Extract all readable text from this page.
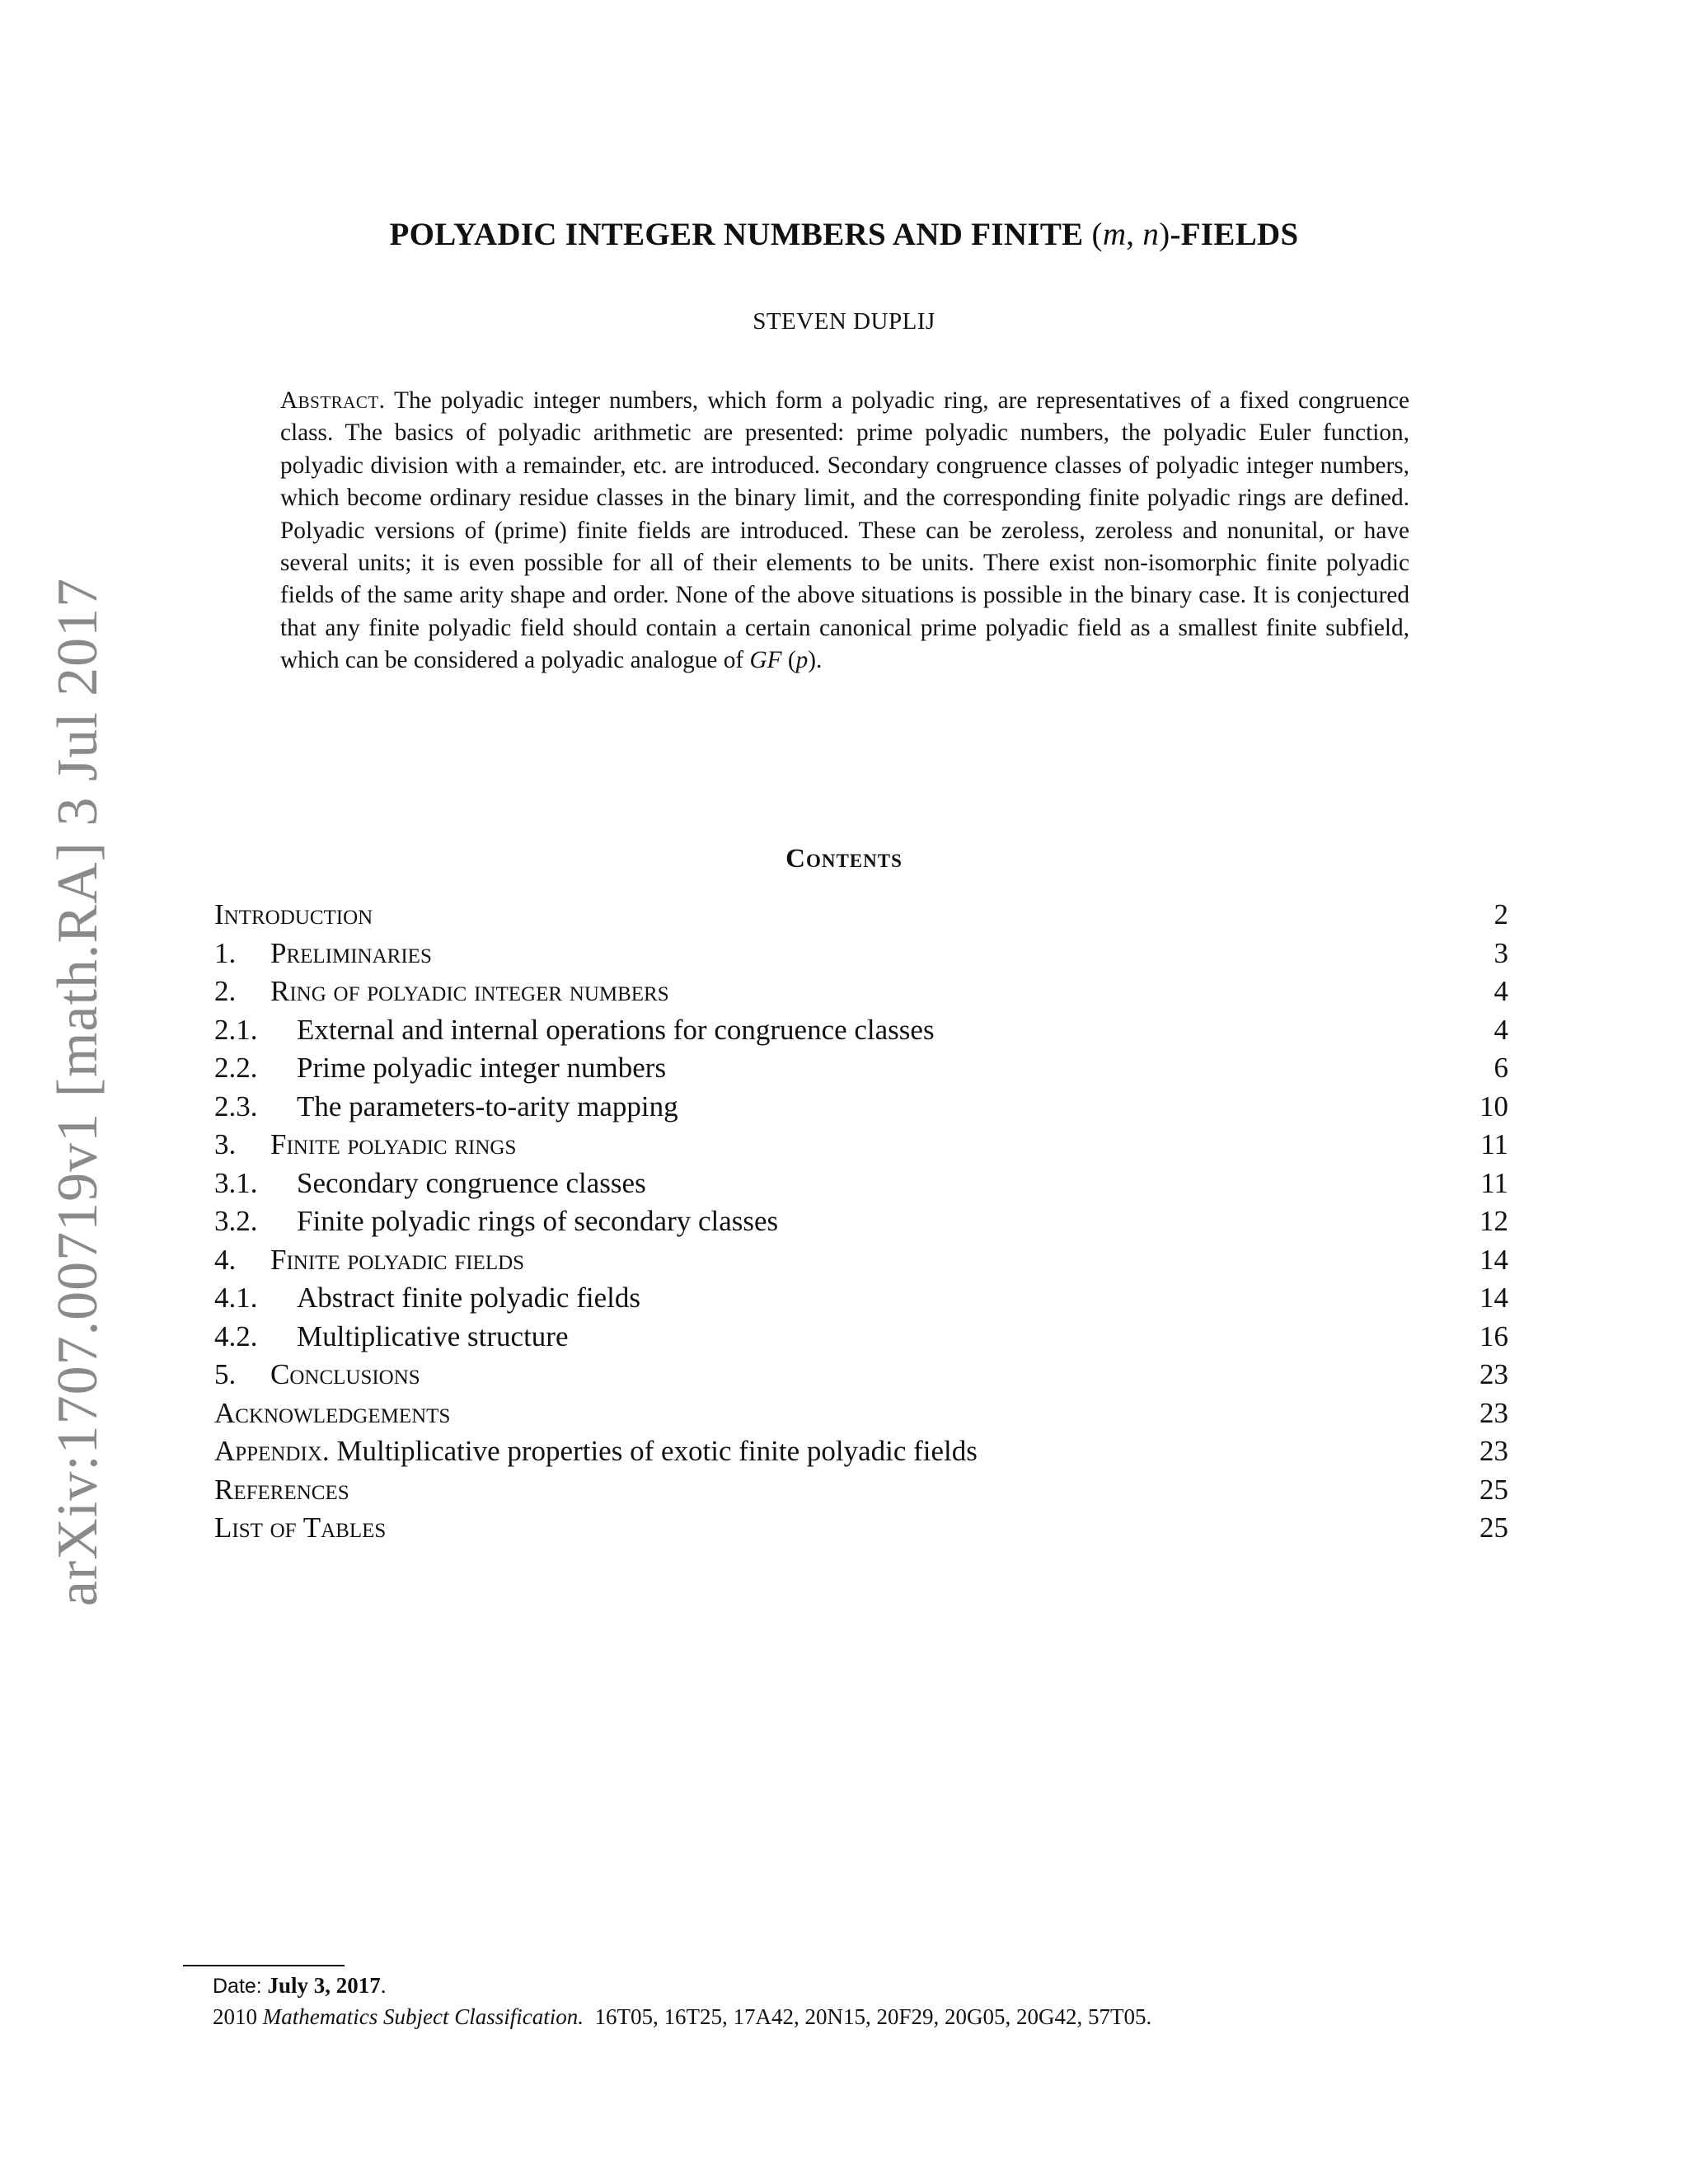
arXiv:1707.00719v1 [math.RA] 3 Jul 2017
POLYADIC INTEGER NUMBERS AND FINITE (m, n)-FIELDS
STEVEN DUPLIJ
Abstract. The polyadic integer numbers, which form a polyadic ring, are representatives of a fixed congruence class. The basics of polyadic arithmetic are presented: prime polyadic numbers, the polyadic Euler function, polyadic division with a remainder, etc. are introduced. Secondary congruence classes of polyadic integer numbers, which become ordinary residue classes in the binary limit, and the corresponding finite polyadic rings are defined. Polyadic versions of (prime) finite fields are introduced. These can be zeroless, zeroless and nonunital, or have several units; it is even possible for all of their elements to be units. There exist non-isomorphic finite polyadic fields of the same arity shape and order. None of the above situations is possible in the binary case. It is conjectured that any finite polyadic field should contain a certain canonical prime polyadic field as a smallest finite subfield, which can be considered a polyadic analogue of GF (p).
Contents
Introduction	2
1.	Preliminaries	3
2.	Ring of polyadic integer numbers	4
2.1.	External and internal operations for congruence classes	4
2.2.	Prime polyadic integer numbers	6
2.3.	The parameters-to-arity mapping	10
3.	Finite polyadic rings	11
3.1.	Secondary congruence classes	11
3.2.	Finite polyadic rings of secondary classes	12
4.	Finite polyadic fields	14
4.1.	Abstract finite polyadic fields	14
4.2.	Multiplicative structure	16
5.	Conclusions	23
Acknowledgements	23
Appendix . Multiplicative properties of exotic finite polyadic fields	23
References	25
List of Tables	25
Date: July 3, 2017.
2010 Mathematics Subject Classification. 16T05, 16T25, 17A42, 20N15, 20F29, 20G05, 20G42, 57T05.
